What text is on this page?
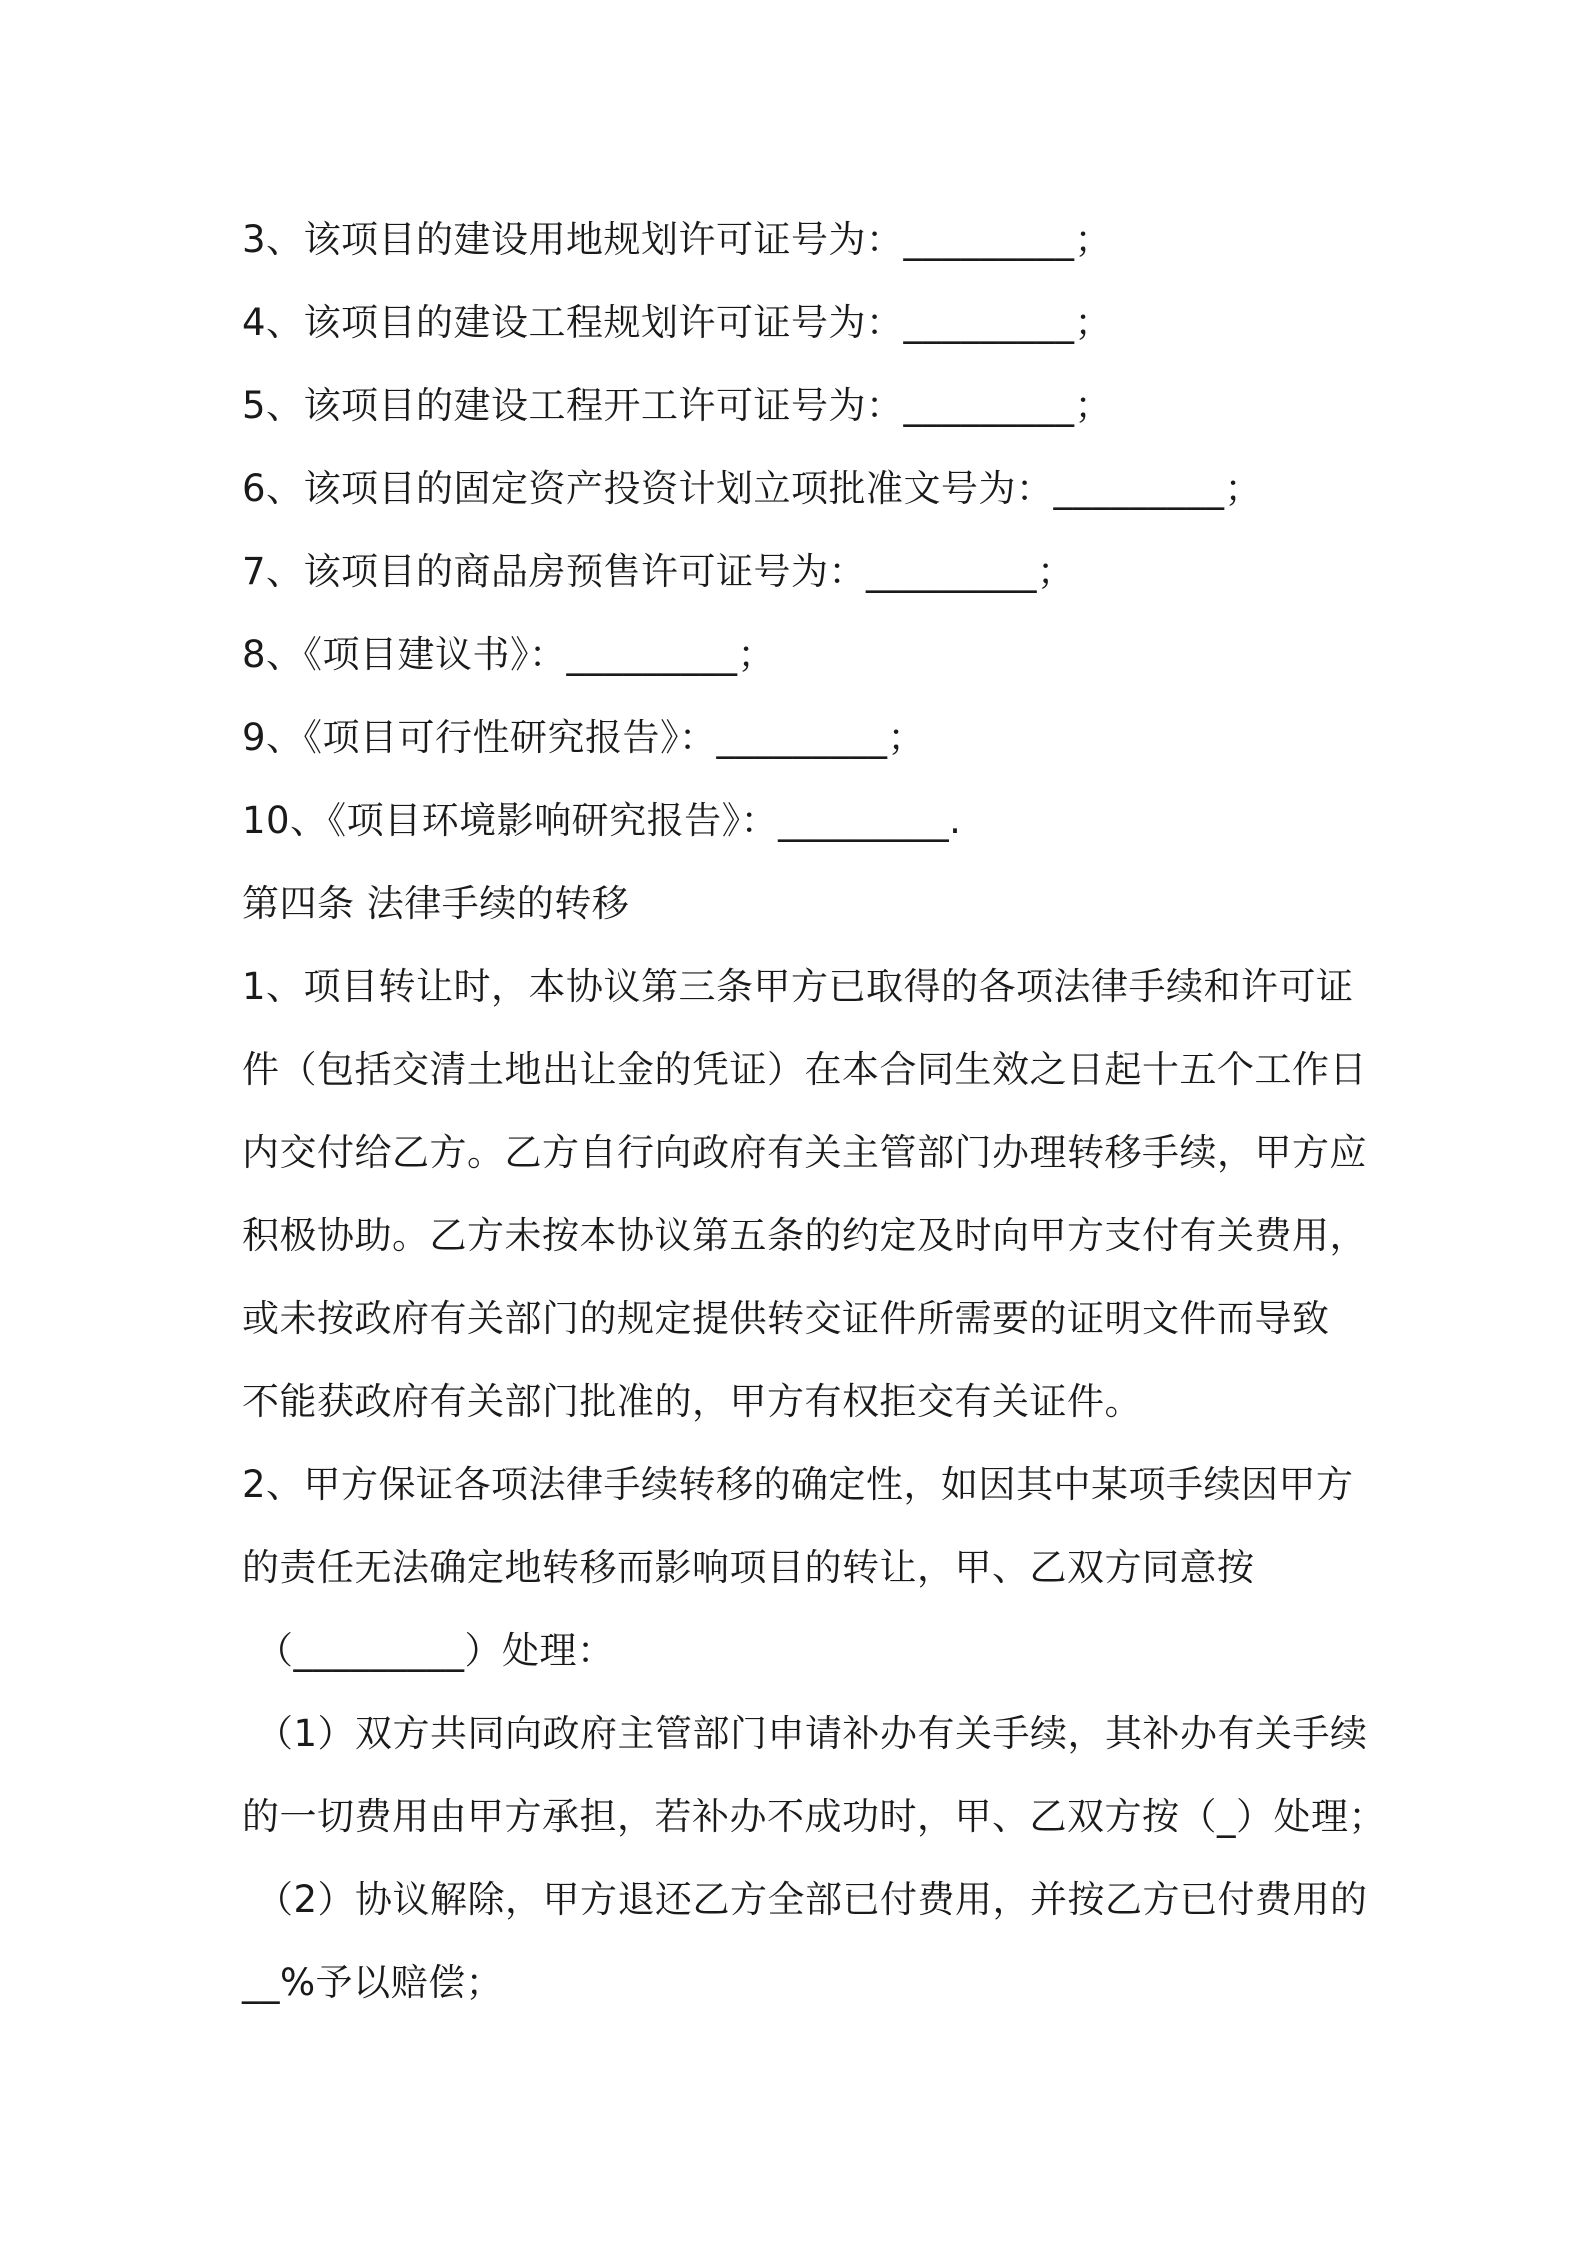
3、该项目的建设用地规划许可证号为：_________；
4、该项目的建设工程规划许可证号为：_________；
5、该项目的建设工程开工许可证号为：_________；
6、该项目的固定资产投资计划立项批准文号为：_________；
7、该项目的商品房预售许可证号为：_________；
8、《项目建议书》：_________；
9、《项目可行性研究报告》：_________；
10、《项目环境影响研究报告》：_________.
第四条 法律手续的转移
1、项目转让时，本协议第三条甲方已取得的各项法律手续和许可证
件（包括交清土地出让金的凭证）在本合同生效之日起十五个工作日
内交付给乙方。乙方自行向政府有关主管部门办理转移手续，甲方应
积极协助。乙方未按本协议第五条的约定及时向甲方支付有关费用，
或未按政府有关部门的规定提供转交证件所需要的证明文件而导致
不能获政府有关部门批准的，甲方有权拒交有关证件。
2、甲方保证各项法律手续转移的确定性，如因其中某项手续因甲方
的责任无法确定地转移而影响项目的转让，甲、乙双方同意按
（_________）处理：
（1）双方共同向政府主管部门申请补办有关手续，其补办有关手续
的一切费用由甲方承担，若补办不成功时，甲、乙双方按（_）处理；
（2）协议解除，甲方退还乙方全部已付费用，并按乙方已付费用的
__%予以赔偿；
